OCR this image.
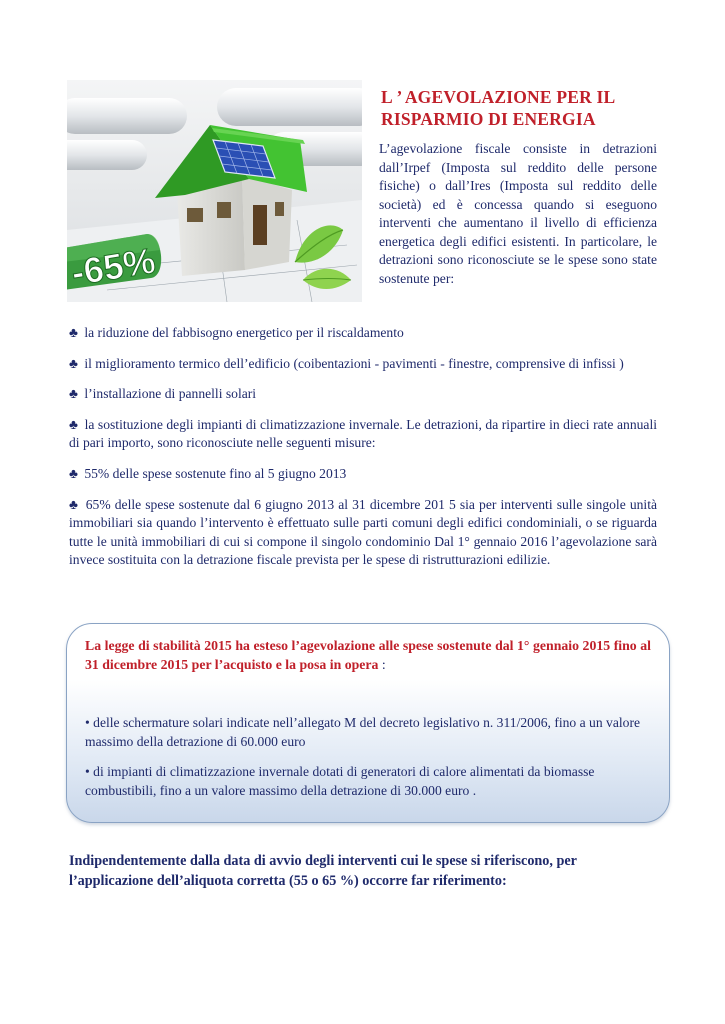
-65%
L ’ AGEVOLAZIONE PER IL
RISPARMIO DI ENERGIA

L’agevolazione fiscale consiste in detrazioni dall’Irpef (Imposta sul reddito delle persone fisiche) o dall’Ires (Imposta sul reddito delle società) ed è concessa quando si eseguono interventi che aumentano il livello di efficienza energetica degli edifici esistenti. In particolare, le detrazioni sono riconosciute se le spese sono state sostenute per:

♣ la riduzione del fabbisogno energetico per il riscaldamento

♣ il miglioramento termico dell’edificio (coibentazioni - pavimenti - finestre, comprensive di infissi )

♣ l’installazione di pannelli solari

♣ la sostituzione degli impianti di climatizzazione invernale. Le detrazioni, da ripartire in dieci rate annuali di pari importo, sono riconosciute nelle seguenti misure:

♣ 55% delle spese sostenute fino al 5 giugno 2013

♣ 65% delle spese sostenute dal 6 giugno 2013 al 31 dicembre 201 5 sia per interventi sulle singole unità immobiliari sia quando l’intervento è effettuato sulle parti comuni degli edifici condominiali, o se riguarda tutte le unità immobiliari di cui si compone il singolo condominio Dal 1° gennaio 2016 l’agevolazione sarà invece sostituita con la detrazione fiscale prevista per le spese di ristrutturazioni edilizie.

La legge di stabilità 2015 ha esteso l’agevolazione alle spese sostenute dal 1° gennaio 2015 fino al 31 dicembre 2015 per l’acquisto e la posa in opera :

• delle schermature solari indicate nell’allegato M del decreto legislativo n. 311/2006, fino a un valore massimo della detrazione di 60.000 euro

• di impianti di climatizzazione invernale dotati di generatori di calore alimentati da biomasse combustibili, fino a un valore massimo della detrazione di 30.000 euro .

Indipendentemente dalla data di avvio degli interventi cui le spese si riferiscono, per l’applicazione dell’aliquota corretta (55 o 65 %) occorre far riferimento:
